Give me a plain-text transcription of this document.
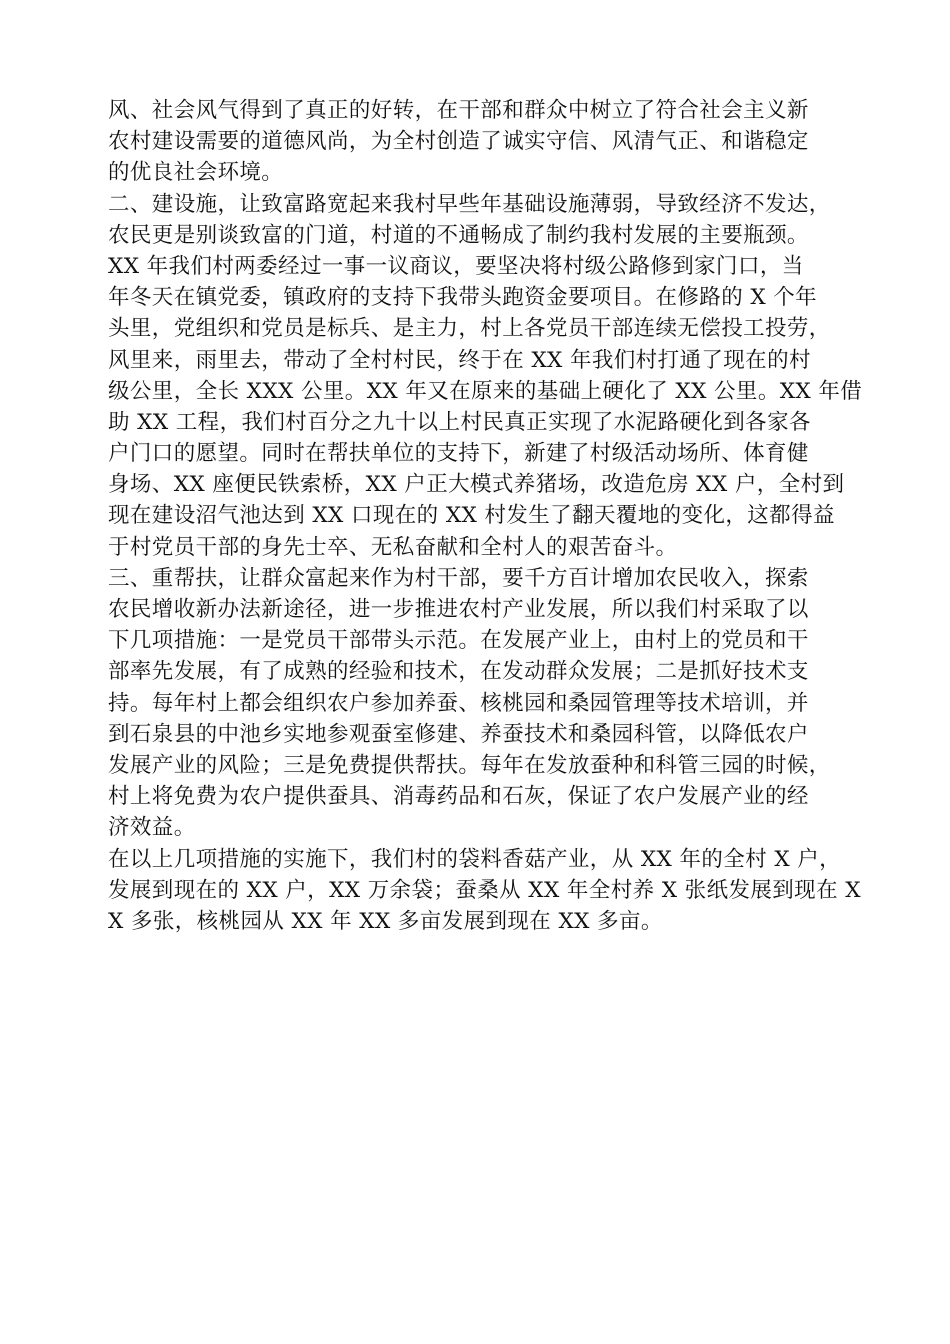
风、社会风气得到了真正的好转，在干部和群众中树立了符合社会主义新
农村建设需要的道德风尚，为全村创造了诚实守信、风清气正、和谐稳定
的优良社会环境。
二、建设施，让致富路宽起来我村早些年基础设施薄弱，导致经济不发达，
农民更是别谈致富的门道，村道的不通畅成了制约我村发展的主要瓶颈。
XX 年我们村两委经过一事一议商议，要坚决将村级公路修到家门口，当
年冬天在镇党委，镇政府的支持下我带头跑资金要项目。在修路的 X 个年
头里，党组织和党员是标兵、是主力，村上各党员干部连续无偿投工投劳，
风里来，雨里去，带动了全村村民，终于在 XX 年我们村打通了现在的村
级公里，全长 XXX 公里。XX 年又在原来的基础上硬化了 XX 公里。XX 年借
助 XX 工程，我们村百分之九十以上村民真正实现了水泥路硬化到各家各
户门口的愿望。同时在帮扶单位的支持下，新建了村级活动场所、体育健
身场、XX 座便民铁索桥，XX 户正大模式养猪场，改造危房 XX 户，全村到
现在建设沼气池达到 XX 口现在的 XX 村发生了翻天覆地的变化，这都得益
于村党员干部的身先士卒、无私奋献和全村人的艰苦奋斗。
三、重帮扶，让群众富起来作为村干部，要千方百计增加农民收入，探索
农民增收新办法新途径，进一步推进农村产业发展，所以我们村采取了以
下几项措施：一是党员干部带头示范。在发展产业上，由村上的党员和干
部率先发展，有了成熟的经验和技术，在发动群众发展；二是抓好技术支
持。每年村上都会组织农户参加养蚕、核桃园和桑园管理等技术培训，并
到石泉县的中池乡实地参观蚕室修建、养蚕技术和桑园科管，以降低农户
发展产业的风险；三是免费提供帮扶。每年在发放蚕种和科管三园的时候，
村上将免费为农户提供蚕具、消毒药品和石灰，保证了农户发展产业的经
济效益。
在以上几项措施的实施下，我们村的袋料香菇产业，从 XX 年的全村 X 户，
发展到现在的 XX 户，XX 万余袋；蚕桑从 XX 年全村养 X 张纸发展到现在 X
X 多张，核桃园从 XX 年 XX 多亩发展到现在 XX 多亩。
